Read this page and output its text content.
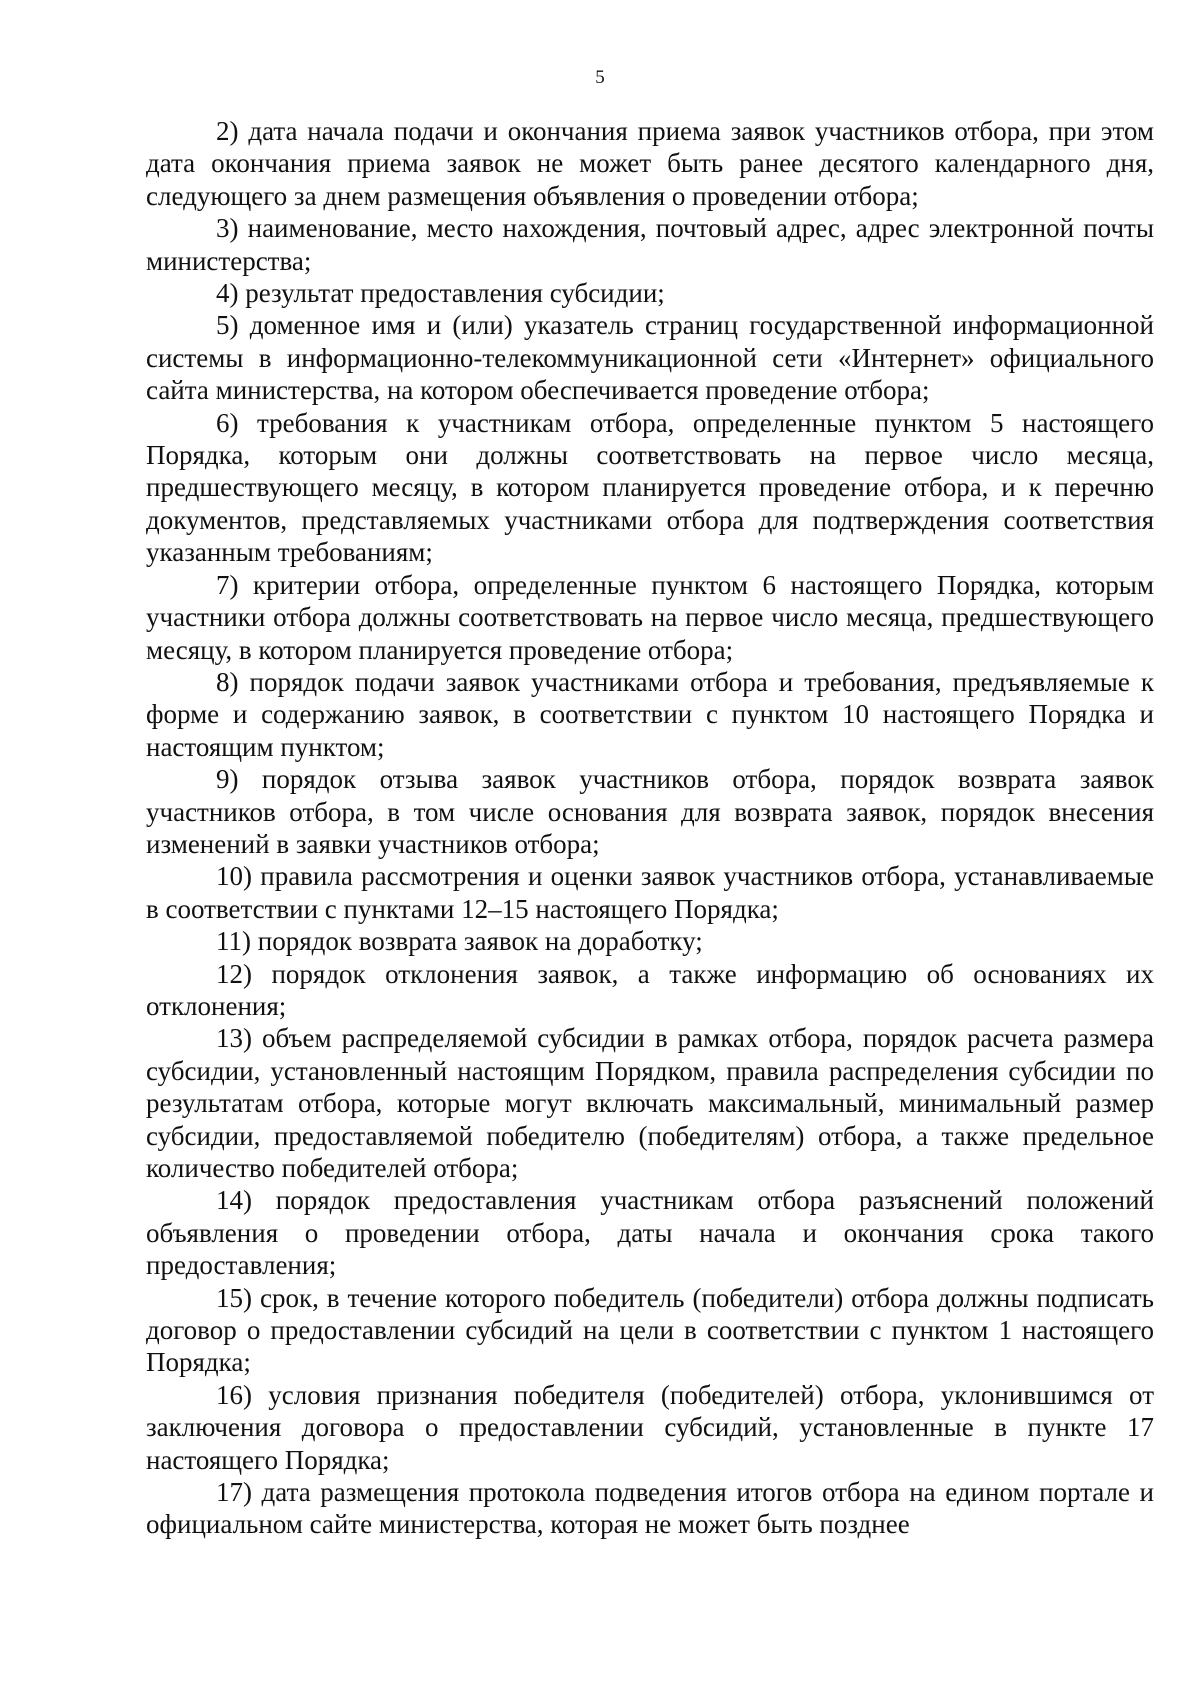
5

2) дата начала подачи и окончания приема заявок участников отбора, при этом дата окончания приема заявок не может быть ранее десятого календарного дня, следующего за днем размещения объявления о проведении отбора;

3) наименование, место нахождения, почтовый адрес, адрес электронной почты министерства;

4) результат предоставления субсидии;

5) доменное имя и (или) указатель страниц государственной информационной системы в информационно-телекоммуникационной сети «Интернет» официального сайта министерства, на котором обеспечивается проведение отбора;

6) требования к участникам отбора, определенные пунктом 5 настоящего Порядка, которым они должны соответствовать на первое число месяца, предшествующего месяцу, в котором планируется проведение отбора, и к перечню документов, представляемых участниками отбора для подтверждения соответствия указанным требованиям;

7) критерии отбора, определенные пунктом 6 настоящего Порядка, которым участники отбора должны соответствовать на первое число месяца, предшествующего месяцу, в котором планируется проведение отбора;

8) порядок подачи заявок участниками отбора и требования, предъявляемые к форме и содержанию заявок, в соответствии с пунктом 10 настоящего Порядка и настоящим пунктом;

9) порядок отзыва заявок участников отбора, порядок возврата заявок участников отбора, в том числе основания для возврата заявок, порядок внесения изменений в заявки участников отбора;

10) правила рассмотрения и оценки заявок участников отбора, устанавливаемые в соответствии с пунктами 12–15 настоящего Порядка;

11) порядок возврата заявок на доработку;

12) порядок отклонения заявок, а также информацию об основаниях их отклонения;

13) объем распределяемой субсидии в рамках отбора, порядок расчета размера субсидии, установленный настоящим Порядком, правила распределения субсидии по результатам отбора, которые могут включать максимальный, минимальный размер субсидии, предоставляемой победителю (победителям) отбора, а также предельное количество победителей отбора;

14) порядок предоставления участникам отбора разъяснений положений объявления о проведении отбора, даты начала и окончания срока такого предоставления;

15) срок, в течение которого победитель (победители) отбора должны подписать договор о предоставлении субсидий на цели в соответствии с пунктом 1 настоящего Порядка;

16) условия признания победителя (победителей) отбора, уклонившимся от заключения договора о предоставлении субсидий, установленные в пункте 17 настоящего Порядка;

17) дата размещения протокола подведения итогов отбора на едином портале и официальном сайте министерства, которая не может быть позднее
